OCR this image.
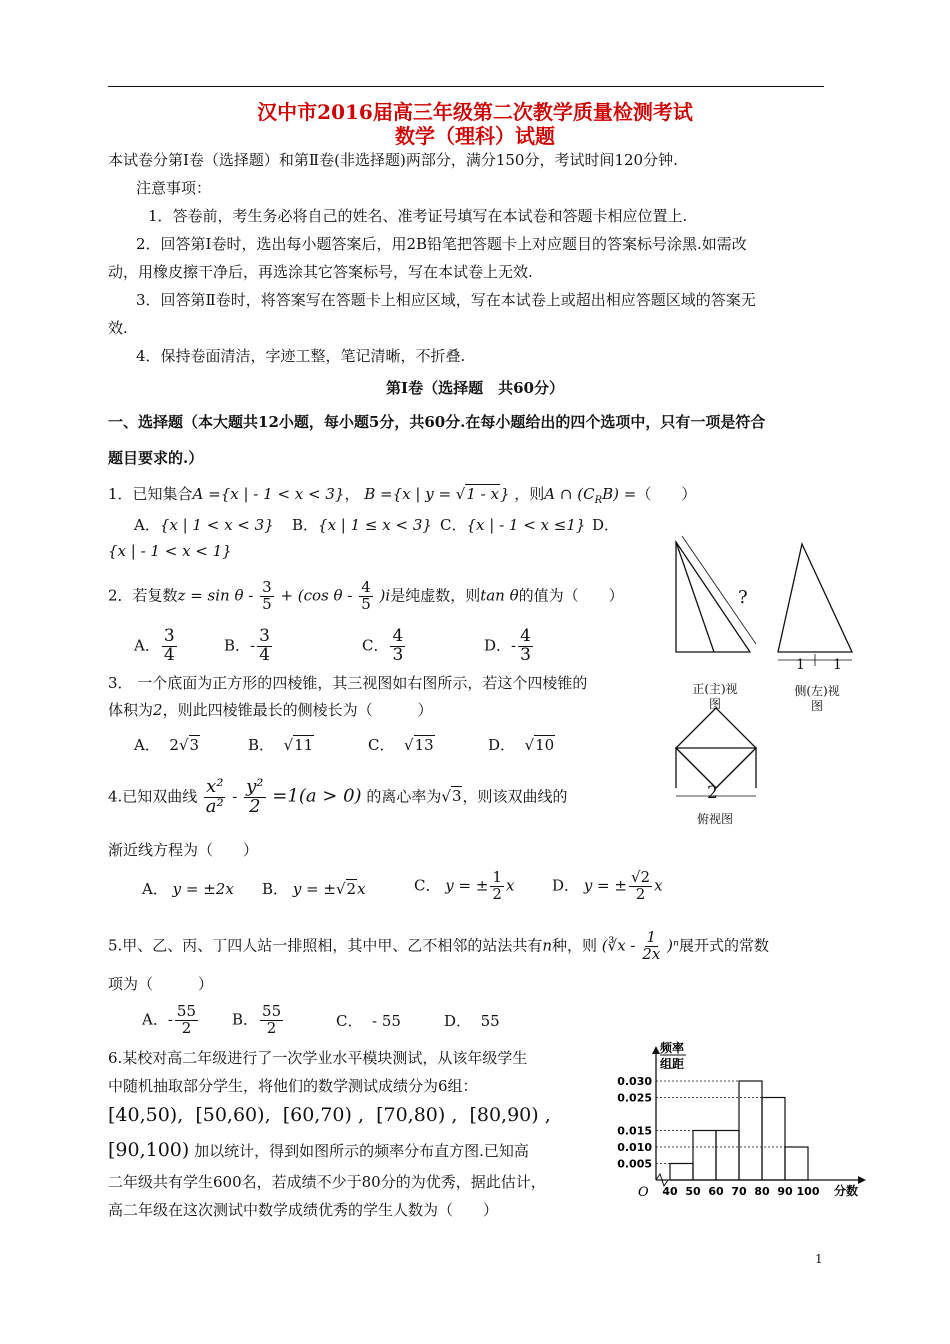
汉中市2016届高三年级第二次教学质量检测考试
数学（理科）试题
本试卷分第Ⅰ卷（选择题）和第Ⅱ卷(非选择题)两部分，满分150分，考试时间120分钟.
注意事项：
1．答卷前，考生务必将自己的姓名、准考证号填写在本试卷和答题卡相应位置上.
2．回答第Ⅰ卷时，选出每小题答案后，用2B铅笔把答题卡上对应题目的答案标号涂黑.如需改
动，用橡皮擦干净后，再选涂其它答案标号，写在本试卷上无效.
3．回答第Ⅱ卷时，将答案写在答题卡上相应区域，写在本试卷上或超出相应答题区域的答案无
效.
4．保持卷面清洁，字迹工整，笔记清晰，不折叠.
第Ⅰ卷（选择题　共60分）
一、选择题（本大题共12小题，每小题5分，共60分.在每小题给出的四个选项中，只有一项是符合
题目要求的.）
1．已知集合A ={x | - 1 < x < 3}， B ={x | y = √1 - x} ，则A ∩ $(C_RB)$ =（　　）
A．{x | 1 < x < 3} B．{x | 1 ≤ x < 3} C．{x | - 1 < x ≤1} D．
{x | - 1 < x < 1}
2．若复数$z = \sin \theta - \frac{3}{5} + (\cos$ θ - $\frac{4}{5} )i$是纯虚数，则tan θ的值为（　　）
A． $\frac{3}{4}$	B．- $\frac{3}{4}$	C． $\frac{4}{3}$	D．- $\frac{4}{3}$
3． 一个底面为正方形的四棱锥，其三视图如右图所示，若这个四棱锥的
体积为2，则此四棱锥最长的侧棱长为（　　　）
A． 2√3	B．  √11	C．  √13	D．  √10
4.已知双曲线 $\frac{\text{x²}}{\text{a²}} - \frac{\text{y²}}{2} =1(a > 0)$ 的离心率为√3，则该双曲线的
渐近线方程为（　　）
A． y = ±2x B． y = ±√2x	C． y = ± $\frac{1}{2}$ x	D． y = ± $\frac{√2}{2}$ x
5.甲、乙、丙、丁四人站一排照相，其中甲、乙不相邻的站法共有n种，则 (∛x - $\frac{1}{2x} )^n$展开式的常数
项为（　　　）
A．- $\frac{55}{2}$ B． $\frac{55}{2}$	C． - 55	D． 55
6.某校对高二年级进行了一次学业水平模块测试，从该年级学生
中随机抽取部分学生，将他们的数学测试成绩分为6组：
[40,50),  [50,60),  [60,70) ,  [70,80) ,  [80,90) ,
[90,100) 加以统计，得到如图所示的频率分布直方图.已知高
二年级共有学生600名，若成绩不少于80分的为优秀，据此估计，
高二年级在这次测试中数学成绩优秀的学生人数为（　　）
?
1 1
2
正(主)视
图
侧(左)视
图
俯视图
0.030
0.025
0.015
0.010
0.005
40 50 60 70 80 90 100
O	分数
频率
组距
1
